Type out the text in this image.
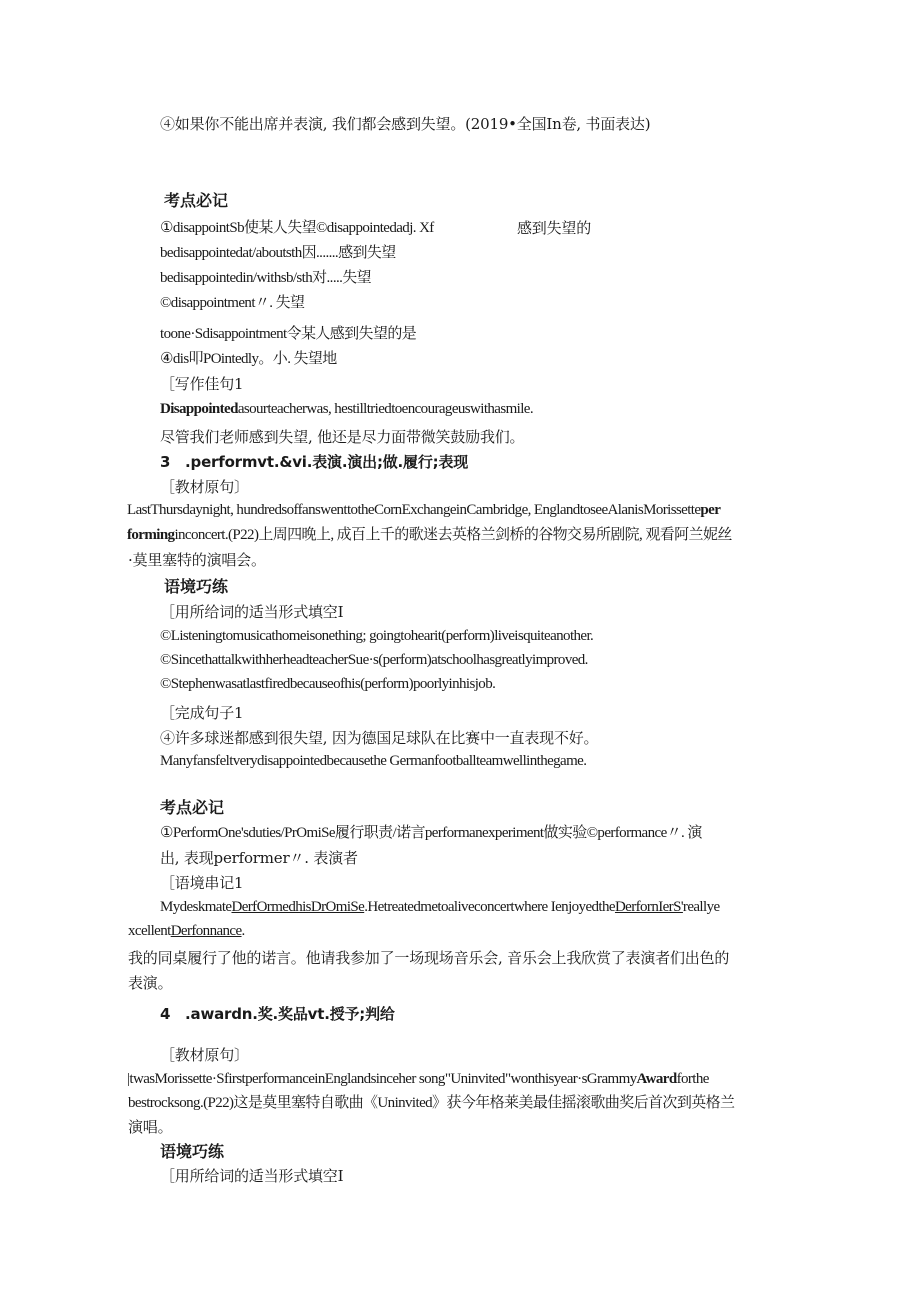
④如果你不能出席并表演, 我们都会感到失望。(2019•全国In卷, 书面表达)
考点必记
①disappointSb使某人失望©disappointedadj. Xf	感到失望的
bedisappointedat/aboutsth因.......感到失望
bedisappointedin/withsb/sth对.....失望
©disappointment〃. 失望
toone·Sdisappointment令某人感到失望的是
④dis叩POintedly。小. 失望地
［写作佳句1
Disappointedasourteacherwas, hestilltriedtoencourageuswithasmile.
尽管我们老师感到失望, 他还是尽力面带微笑鼓励我们。
3　.performvt.&vi.表演.演出;做.履行;表现
［教材原句〕
LastThursdaynight, hundredsoffanswenttotheCornExchangeinCambridge, EnglandtoseeAlanisMorissetteper
forminginconcert.(P22)上周四晚上, 成百上千的歌迷去英格兰剑桥的谷物交易所剧院, 观看阿兰妮丝
·莫里塞特的演唱会。
语境巧练
［用所给词的适当形式填空I
©Listeningtomusicathomeisonething; goingtohearit(perform)liveisquiteanother.
©SincethattalkwithherheadteacherSue·s(perform)atschoolhasgreatlyimproved.
©Stephenwasatlastfiredbecauseofhis(perform)poorlyinhisjob.
［完成句子1
④许多球迷都感到很失望, 因为德国足球队在比赛中一直表现不好。
Manyfansfeltverydisappointedbecausethe Germanfootballteamwellinthegame.
考点必记
①PerformOne'sduties/PrOmiSe履行职责/诺言performanexperiment做实验©performance〃. 演
出, 表现performer〃. 表演者
［语境串记1
MydeskmateDerfOrmedhisDrOmiSe.Hetreatedmetoaliveconcertwhere IenjoyedtheDerfornIerS'reallye
xcellentDerfonnance.
我的同桌履行了他的诺言。他请我参加了一场现场音乐会, 音乐会上我欣赏了表演者们出色的
表演。
4　.awardn.奖.奖品vt.授予;判给
［教材原句〕
|twasMorissette·SfirstperformanceinEnglandsinceher song"Uninvited"wonthisyear·sGrammyAwardforthe
bestrocksong.(P22)这是莫里塞特自歌曲《Uninvited》获今年格莱美最佳摇滚歌曲奖后首次到英格兰
演唱。
语境巧练
［用所给词的适当形式填空I
